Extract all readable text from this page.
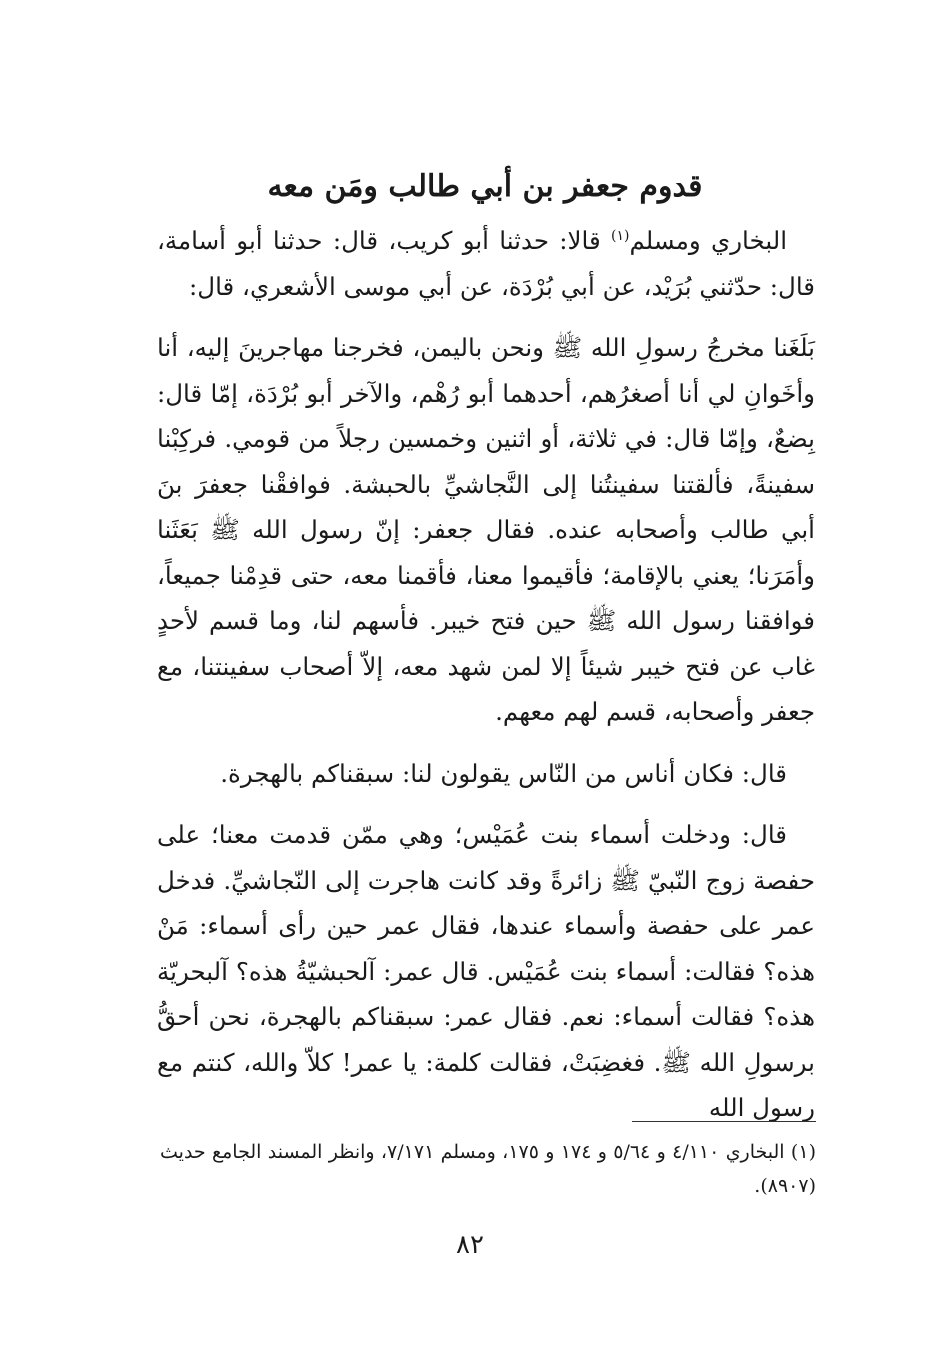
قدوم جعفر بن أبي طالب ومَن معه

البخاري ومسلم$^{(١)}$ قالا: حدثنا أبو كريب، قال: حدثنا أبو أسامة، قال: حدّثني بُرَيْد، عن أبي بُرْدَة، عن أبي موسى الأشعري، قال:

بَلَغَنا مخرجُ رسولِ الله ﷺ ونحن باليمن، فخرجنا مهاجرينَ إليه، أنا وأخَوانِ لي أنا أصغرُهم، أحدهما أبو رُهْم، والآخر أبو بُرْدَة، إمّا قال: بِضعٌ، وإمّا قال: في ثلاثة، أو اثنين وخمسين رجلاً من قومي. فركِبْنا سفينةً، فألقتنا سفينتُنا إلى النَّجاشيِّ بالحبشة. فوافقْنا جعفرَ بنَ أبي طالب وأصحابه عنده. فقال جعفر: إنّ رسول الله ﷺ بَعَثَنا وأمَرَنا؛ يعني بالإقامة؛ فأقيموا معنا، فأقمنا معه، حتى قدِمْنا جميعاً، فوافقنا رسول الله ﷺ حين فتح خيبر. فأسهم لنا، وما قسم لأحدٍ غاب عن فتح خيبر شيئاً إلا لمن شهد معه، إلاّ أصحاب سفينتنا، مع جعفر وأصحابه، قسم لهم معهم.

قال: فكان أناس من النّاس يقولون لنا: سبقناكم بالهجرة.

قال: ودخلت أسماء بنت عُمَيْس؛ وهي ممّن قدمت معنا؛ على حفصة زوج النّبيّ ﷺ زائرةً وقد كانت هاجرت إلى النّجاشيِّ. فدخل عمر على حفصة وأسماء عندها، فقال عمر حين رأى أسماء: مَنْ هذه؟ فقالت: أسماء بنت عُمَيْس. قال عمر: آلحبشيّةُ هذه؟ آلبحريّة هذه؟ فقالت أسماء: نعم. فقال عمر: سبقناكم بالهجرة، نحن أحقُّ برسولِ الله ﷺ. فغضِبَتْ، فقالت كلمة: يا عمر! كلاّ والله، كنتم مع رسول الله

(١) البخاري ٤/١١٠ و ٥/٦٤ و ١٧٤ و ١٧٥، ومسلم ٧/١٧١، وانظر المسند الجامع حديث (٨٩٠٧).
٨٢
